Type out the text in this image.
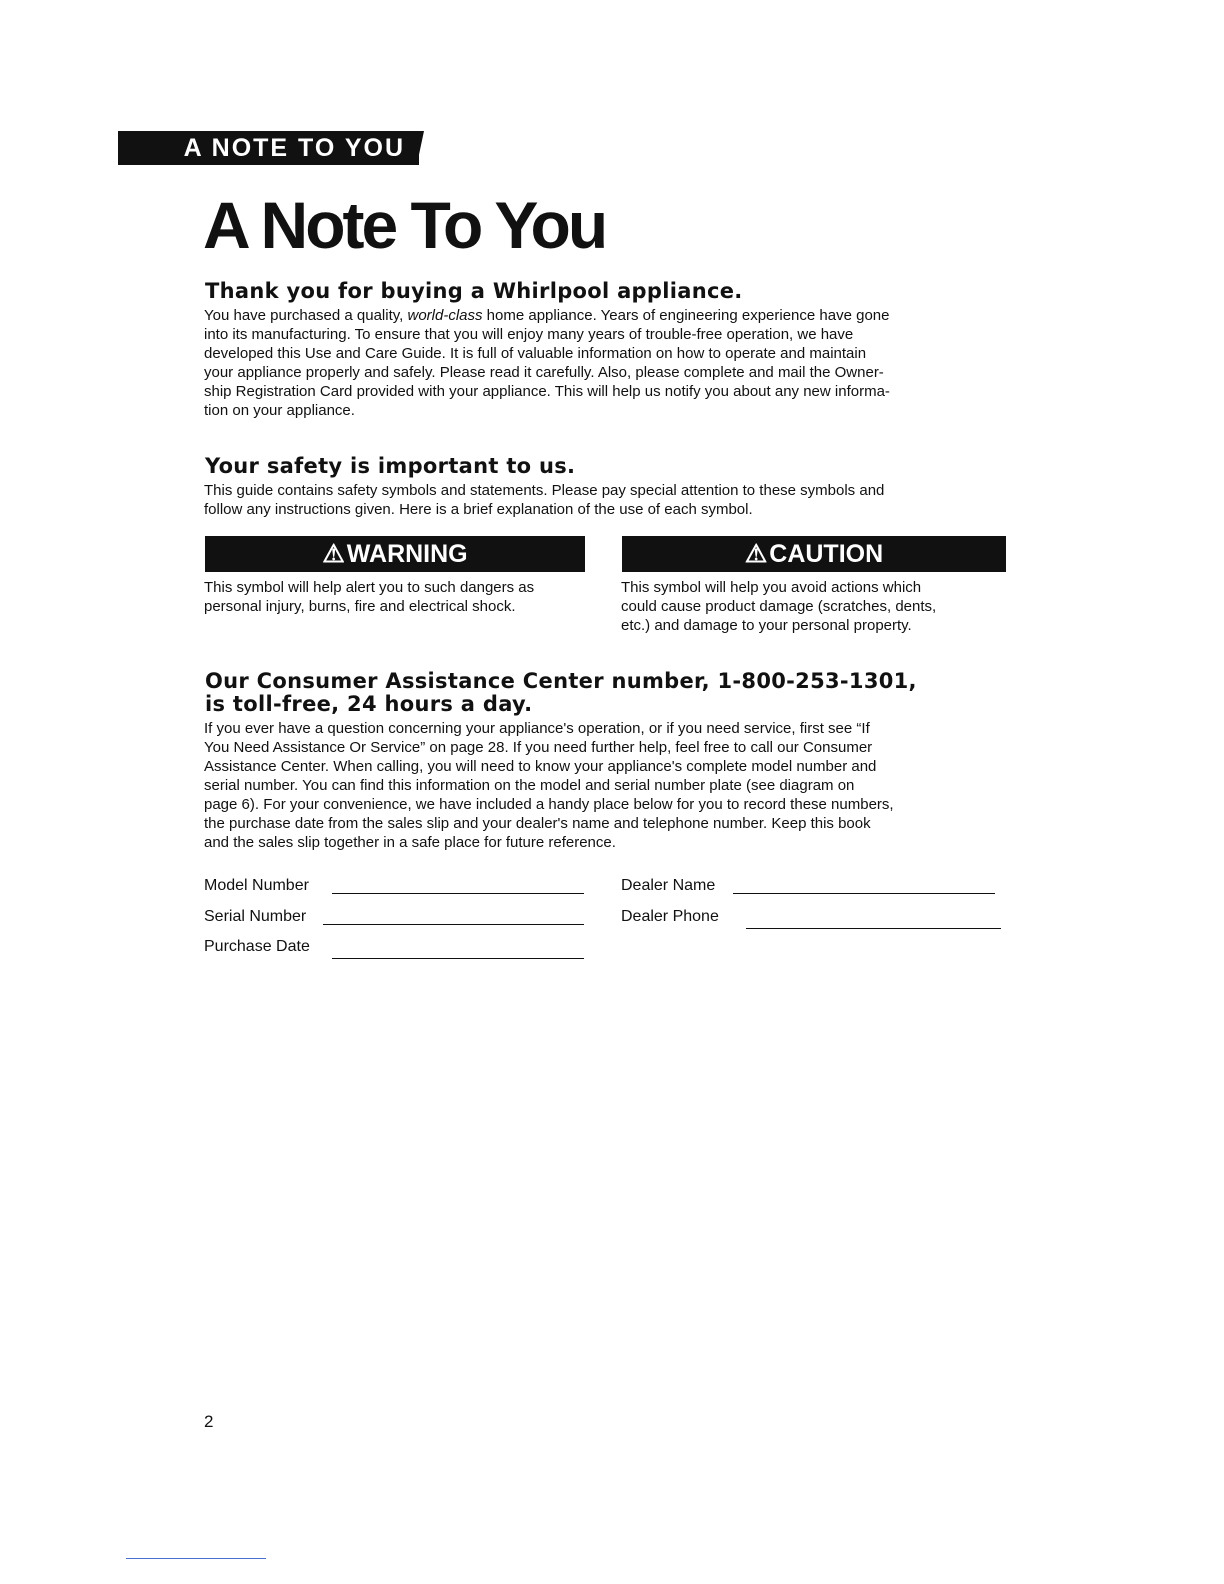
A NOTE TO YOU
A Note To You
Thank you for buying a Whirlpool appliance.
You have purchased a quality, world-class home appliance. Years of engineering experience have gone
into its manufacturing. To ensure that you will enjoy many years of trouble-free operation, we have
developed this Use and Care Guide. It is full of valuable information on how to operate and maintain
your appliance properly and safely. Please read it carefully. Also, please complete and mail the Owner-
ship Registration Card provided with your appliance. This will help us notify you about any new informa-
tion on your appliance.
Your safety is important to us.
This guide contains safety symbols and statements. Please pay special attention to these symbols and
follow any instructions given. Here is a brief explanation of the use of each symbol.
⚠ WARNING
This symbol will help alert you to such dangers as
personal injury, burns, fire and electrical shock.
⚠ CAUTION
This symbol will help you avoid actions which
could cause product damage (scratches, dents,
etc.) and damage to your personal property.
Our Consumer Assistance Center number, 1-800-253-1301,
is toll-free, 24 hours a day.
If you ever have a question concerning your appliance's operation, or if you need service, first see “If
You Need Assistance Or Service” on page 28. If you need further help, feel free to call our Consumer
Assistance Center. When calling, you will need to know your appliance's complete model number and
serial number. You can find this information on the model and serial number plate (see diagram on
page 6). For your convenience, we have included a handy place below for you to record these numbers,
the purchase date from the sales slip and your dealer's name and telephone number. Keep this book
and the sales slip together in a safe place for future reference.
Model Number
Serial Number
Purchase Date
Dealer Name
Dealer Phone
2
